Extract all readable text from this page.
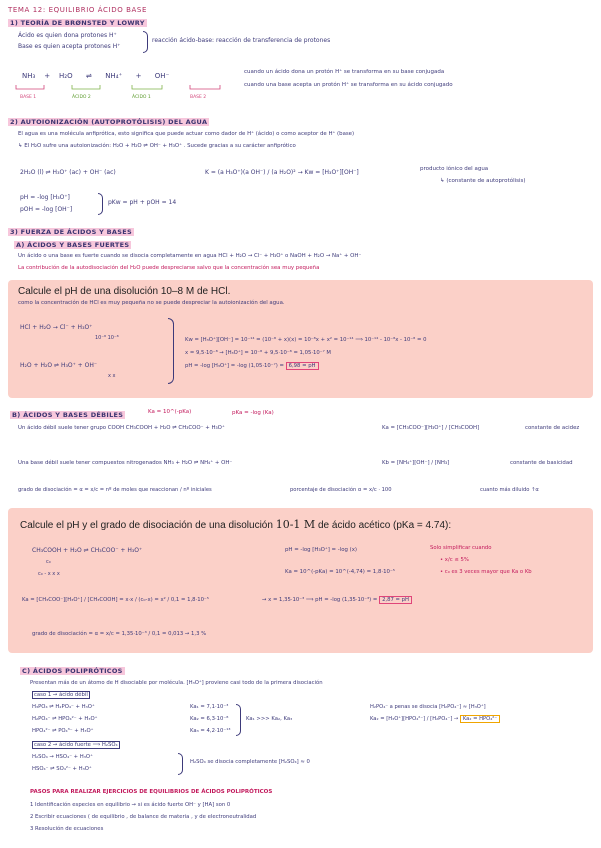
TEMA 12: EQUILIBRIO ÁCIDO BASE
1) TEORÍA DE BRØNSTED Y LOWRY
Ácido es quien dona protones H⁺
Base es quien acepta protones H⁺
reacción ácido-base: reacción de transferencia de protones
NH₃ + H₂O ⇌ NH₄⁺ + OH⁻
BASE 1	ÁCIDO 2	ÁCIDO 1	BASE 2
cuando un ácido dona un protón H⁺ se transforma en su base conjugada
cuando una base acepta un protón H⁺ se transforma en su ácido conjugado
2) AUTOIONIZACIÓN (AUTOPROTÓLISIS) DEL AGUA
El agua es una molécula anfiprótica, esto significa que puede actuar como dador de H⁺ (ácido) o como aceptor de H⁺ (base)
↳ El H₂O sufre una autoionización: H₂O + H₂O ⇌ OH⁻ + H₃O⁺ . Sucede gracias a su carácter anfiprótico
2H₂O (l) ⇌ H₃O⁺ (ac) + OH⁻ (ac)	K = (a H₃O⁺)(a OH⁻) / (a H₂O)² → Kw = [H₃O⁺][OH⁻]	producto iónico del agua
↳ (constante de autoprotólisis)
pH = -log [H₃O⁺]
pOH = -log [OH⁻]
pKw = pH + pOH = 14
3) FUERZA DE ÁCIDOS Y BASES
A) ÁCIDOS Y BASES FUERTES
Un ácido o una base es fuerte cuando se disocia completamente en agua HCl + H₂O → Cl⁻ + H₃O⁺ o NaOH + H₂O → Na⁺ + OH⁻
La contribución de la autodisociación del H₂O puede despreciarse salvo que la concentración sea muy pequeña
Calcule el pH de una disolución 10–8 M de HCl.
como la concentración de HCl es muy pequeña no se puede despreciar la autoionización del agua.
HCl + H₂O → Cl⁻ + H₃O⁺
10⁻⁸ 10⁻⁸
H₂O + H₂O ⇌ H₃O⁺ + OH⁻
x x
Kw = [H₃O⁺][OH⁻] = 10⁻¹⁴ = (10⁻⁸ + x)(x) = 10⁻⁸x + x² = 10⁻¹⁴ ⟹ 10⁻¹⁴ - 10⁻⁸x - 10⁻⁸ = 0
x = 9,5·10⁻⁸ → [H₃O⁺] = 10⁻⁸ + 9,5·10⁻⁸ = 1,05·10⁻⁷ M
pH = -log [H₃O⁺] = -log (1,05·10⁻⁷) = 6,98 = pH
B) ÁCIDOS Y BASES DÉBILES	Ka = 10^(-pKa)	pKa = -log (Ka)
Un ácido débil suele tener grupo COOH CH₃COOH + H₂O ⇌ CH₃COO⁻ + H₃O⁺	Ka = [CH₃COO⁻][H₃O⁺] / [CH₃COOH]	constante de acidez
Una base débil suele tener compuestos nitrogenados NH₃ + H₂O ⇌ NH₄⁺ + OH⁻	Kb = [NH₄⁺][OH⁻] / [NH₃]	constante de basicidad
grado de disociación = α = x/c = nº de moles que reaccionan / nº iniciales	porcentaje de disociación α = x/c · 100	cuanto más diluido ↑α
Calcule el pH y el grado de disociación de una disolución 10-1 M de ácido acético (pKa = 4.74):
CH₃COOH + H₂O ⇌ CH₃COO⁻ + H₃O⁺
c₀
c₀ - x x x
pH = -log [H₃O⁺] = -log (x)
Ka = 10^(-pKa) = 10^(-4,74) = 1,8·10⁻⁵
Solo simplificar cuando
• x/c ≤ 5%
• c₀ es 3 veces mayor que Ka o Kb
Ka = [CH₃COO⁻][H₃O⁺] / [CH₃COOH] = x·x / (c₀-x) = x² / 0,1 = 1,8·10⁻⁵	→ x = 1,35·10⁻³ ⟹ pH = -log (1,35·10⁻³) = 2,87 = pH
grado de disociación = α = x/c = 1,35·10⁻³ / 0,1 = 0,013 → 1,3 %
C) ÁCIDOS POLIPRÓTICOS
Presentan más de un átomo de H disociable por molécula. [H₃O⁺] proviene casi todo de la primera disociación
caso 1 → ácido débil
H₃PO₄ ⇌ H₂PO₄⁻ + H₃O⁺	Ka₁ = 7,1·10⁻³
H₂PO₄⁻ ⇌ HPO₄²⁻ + H₃O⁺	Ka₂ = 6,3·10⁻⁸
HPO₄²⁻ ⇌ PO₄³⁻ + H₃O⁺	Ka₃ = 4,2·10⁻¹³
Ka₁ >>> Ka₂, Ka₃
H₂PO₄⁻ a penas se disocia [H₂PO₄⁻] ≈ [H₃O⁺]
Ka₂ = [H₃O⁺][HPO₄²⁻] / [H₂PO₄⁻] → Ka₂ = HPO₄²⁻
caso 2 → ácido fuerte ⟹ H₂SO₄
H₂SO₄ → HSO₄⁻ + H₃O⁺
HSO₄⁻ ⇌ SO₄²⁻ + H₃O⁺
H₂SO₄ se disocia completamente [H₂SO₄] ≈ 0
PASOS PARA REALIZAR EJERCICIOS DE EQUILIBRIOS DE ÁCIDOS POLIPRÓTICOS
1 Identificación especies en equilibrio → si es ácido fuerte OH⁻ y [HA] son 0
2 Escribir ecuaciones ( de equilibrio , de balance de materia , y de electroneutralidad
3 Resolución de ecuaciones
